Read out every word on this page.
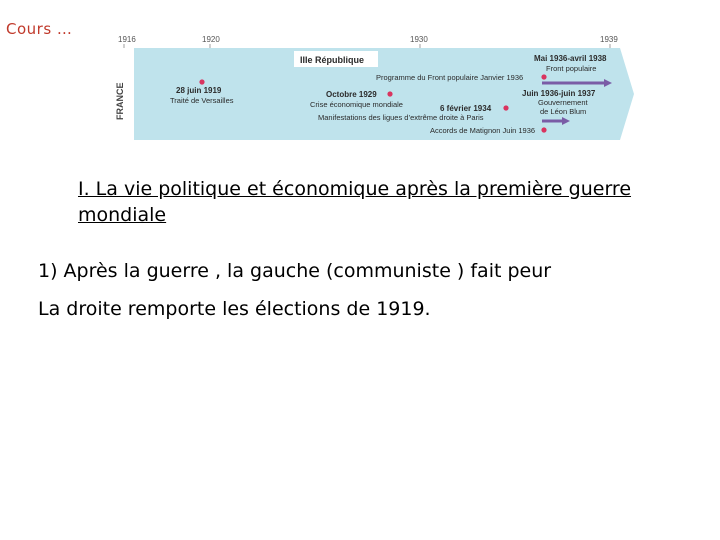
Cours …
1916	1920	1930	1939
FRANCE
IIIe République
28 juin 1919
Traité de Versailles
Programme du Front populaire Janvier 1936
Octobre 1929
Crise économique mondiale	6 février 1934
Manifestations des ligues d’extrême droite à Paris
Accords de Matignon Juin 1936
Mai 1936-avril 1938
Front populaire
Juin 1936-juin 1937
Gouvernement
de Léon Blum
I. La vie politique et économique après la première guerre mondiale
1) Après la guerre , la gauche (communiste ) fait peur
La droite remporte les élections de 1919.
